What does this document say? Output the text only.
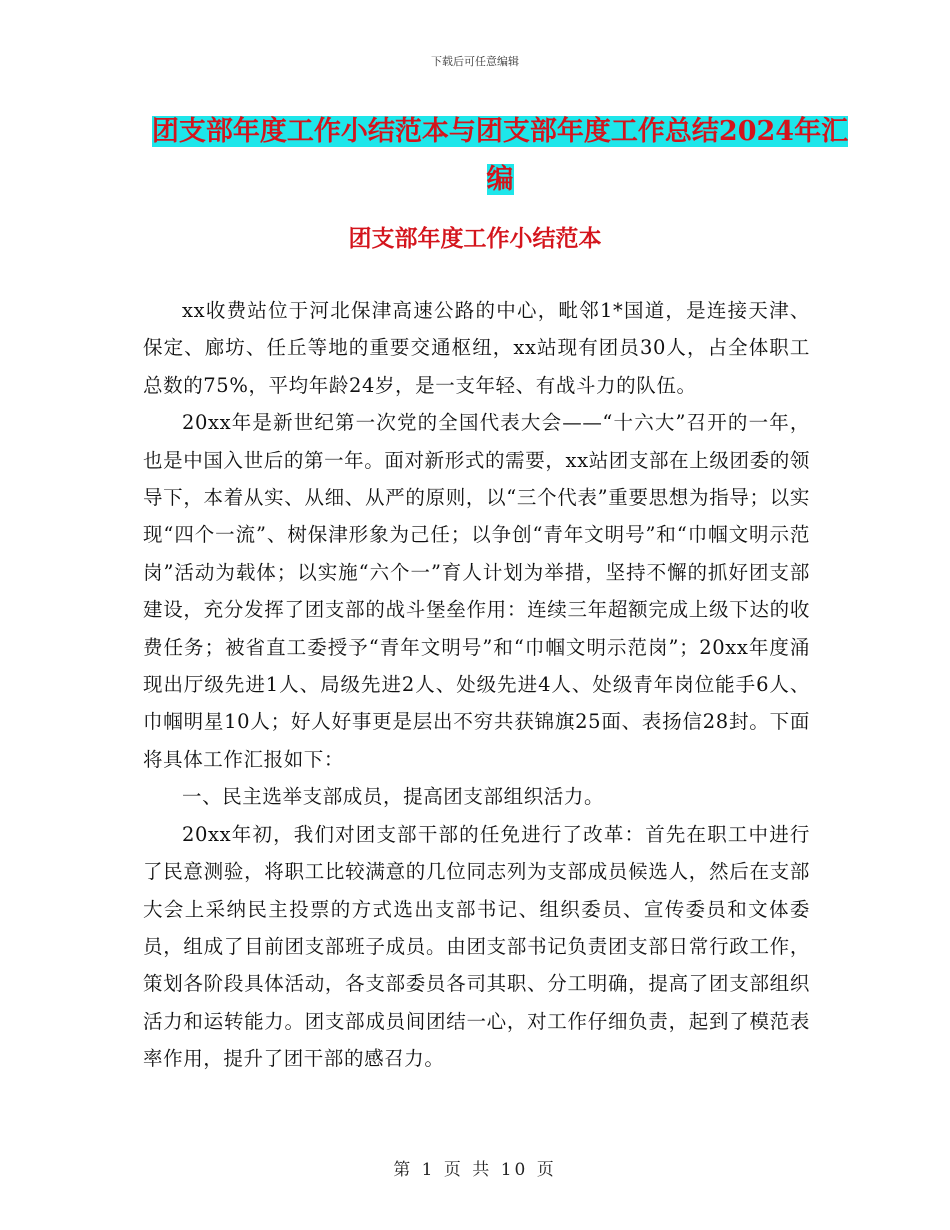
下载后可任意编辑
团支部年度工作小结范本与团支部年度工作总结2024年汇编
团支部年度工作小结范本

xx收费站位于河北保津高速公路的中心，毗邻1*国道，是连接天津、保定、廊坊、任丘等地的重要交通枢纽，xx站现有团员30人，占全体职工总数的75%，平均年龄24岁，是一支年轻、有战斗力的队伍。

20xx年是新世纪第一次党的全国代表大会——“十六大”召开的一年，也是中国入世后的第一年。面对新形式的需要，xx站团支部在上级团委的领导下，本着从实、从细、从严的原则，以“三个代表”重要思想为指导；以实现“四个一流”、树保津形象为己任；以争创“青年文明号”和“巾帼文明示范岗”活动为载体；以实施“六个一”育人计划为举措，坚持不懈的抓好团支部建设，充分发挥了团支部的战斗堡垒作用：连续三年超额完成上级下达的收费任务；被省直工委授予“青年文明号”和“巾帼文明示范岗”；20xx年度涌现出厅级先进1人、局级先进2人、处级先进4人、处级青年岗位能手6人、巾帼明星10人；好人好事更是层出不穷共获锦旗25面、表扬信28封。下面将具体工作汇报如下：

一、民主选举支部成员，提高团支部组织活力。

20xx年初，我们对团支部干部的任免进行了改革：首先在职工中进行了民意测验，将职工比较满意的几位同志列为支部成员候选人，然后在支部大会上采纳民主投票的方式选出支部书记、组织委员、宣传委员和文体委员，组成了目前团支部班子成员。由团支部书记负责团支部日常行政工作，策划各阶段具体活动，各支部委员各司其职、分工明确，提高了团支部组织活力和运转能力。团支部成员间团结一心，对工作仔细负责，起到了模范表率作用，提升了团干部的感召力。

第 1 页 共 10 页
